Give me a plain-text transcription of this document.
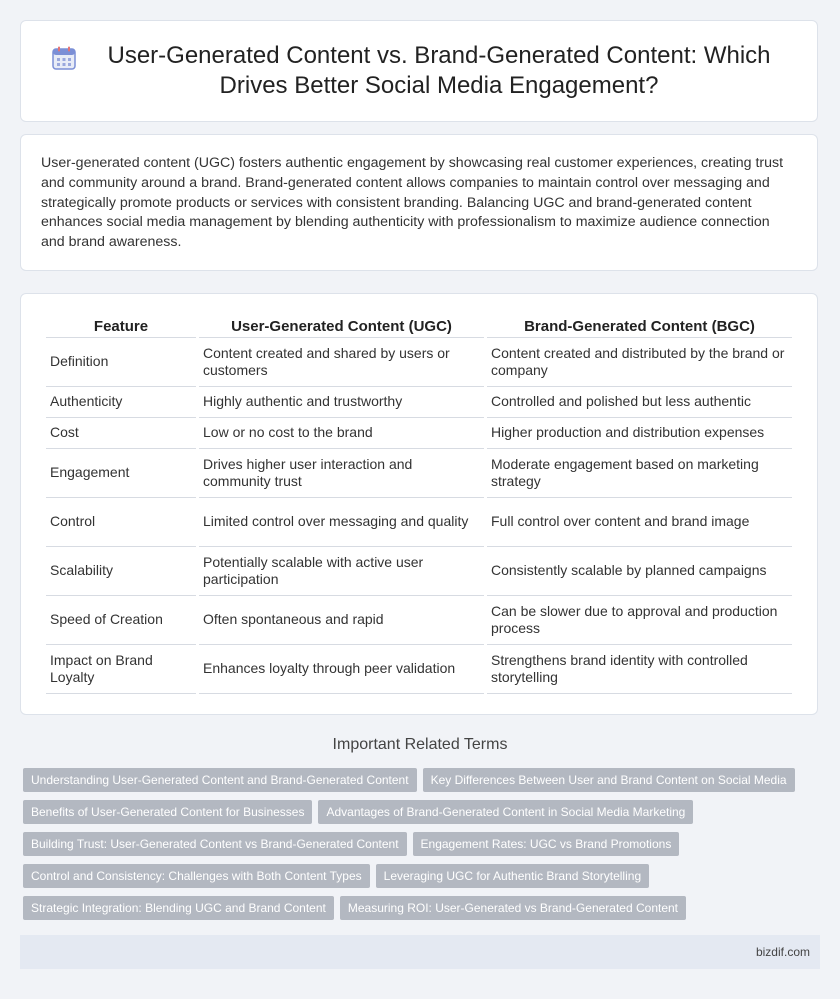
User-Generated Content vs. Brand-Generated Content: Which Drives Better Social Media Engagement?

User-generated content (UGC) fosters authentic engagement by showcasing real customer experiences, creating trust and community around a brand. Brand-generated content allows companies to maintain control over messaging and strategically promote products or services with consistent branding. Balancing UGC and brand-generated content enhances social media management by blending authenticity with professionalism to maximize audience connection and brand awareness.

Feature	User-Generated Content (UGC)	Brand-Generated Content (BGC)
Definition	Content created and shared by users or customers	Content created and distributed by the brand or company
Authenticity	Highly authentic and trustworthy	Controlled and polished but less authentic
Cost	Low or no cost to the brand	Higher production and distribution expenses
Engagement	Drives higher user interaction and community trust	Moderate engagement based on marketing strategy
Control	Limited control over messaging and quality	Full control over content and brand image
Scalability	Potentially scalable with active user participation	Consistently scalable by planned campaigns
Speed of Creation	Often spontaneous and rapid	Can be slower due to approval and production process
Impact on Brand Loyalty	Enhances loyalty through peer validation	Strengthens brand identity with controlled storytelling
Important Related Terms
Understanding User-Generated Content and Brand-Generated Content Key Differences Between User and Brand Content on Social Media
Benefits of User-Generated Content for Businesses Advantages of Brand-Generated Content in Social Media Marketing
Building Trust: User-Generated Content vs Brand-Generated Content Engagement Rates: UGC vs Brand Promotions
Control and Consistency: Challenges with Both Content Types Leveraging UGC for Authentic Brand Storytelling
Strategic Integration: Blending UGC and Brand Content Measuring ROI: User-Generated vs Brand-Generated Content
bizdif.com
